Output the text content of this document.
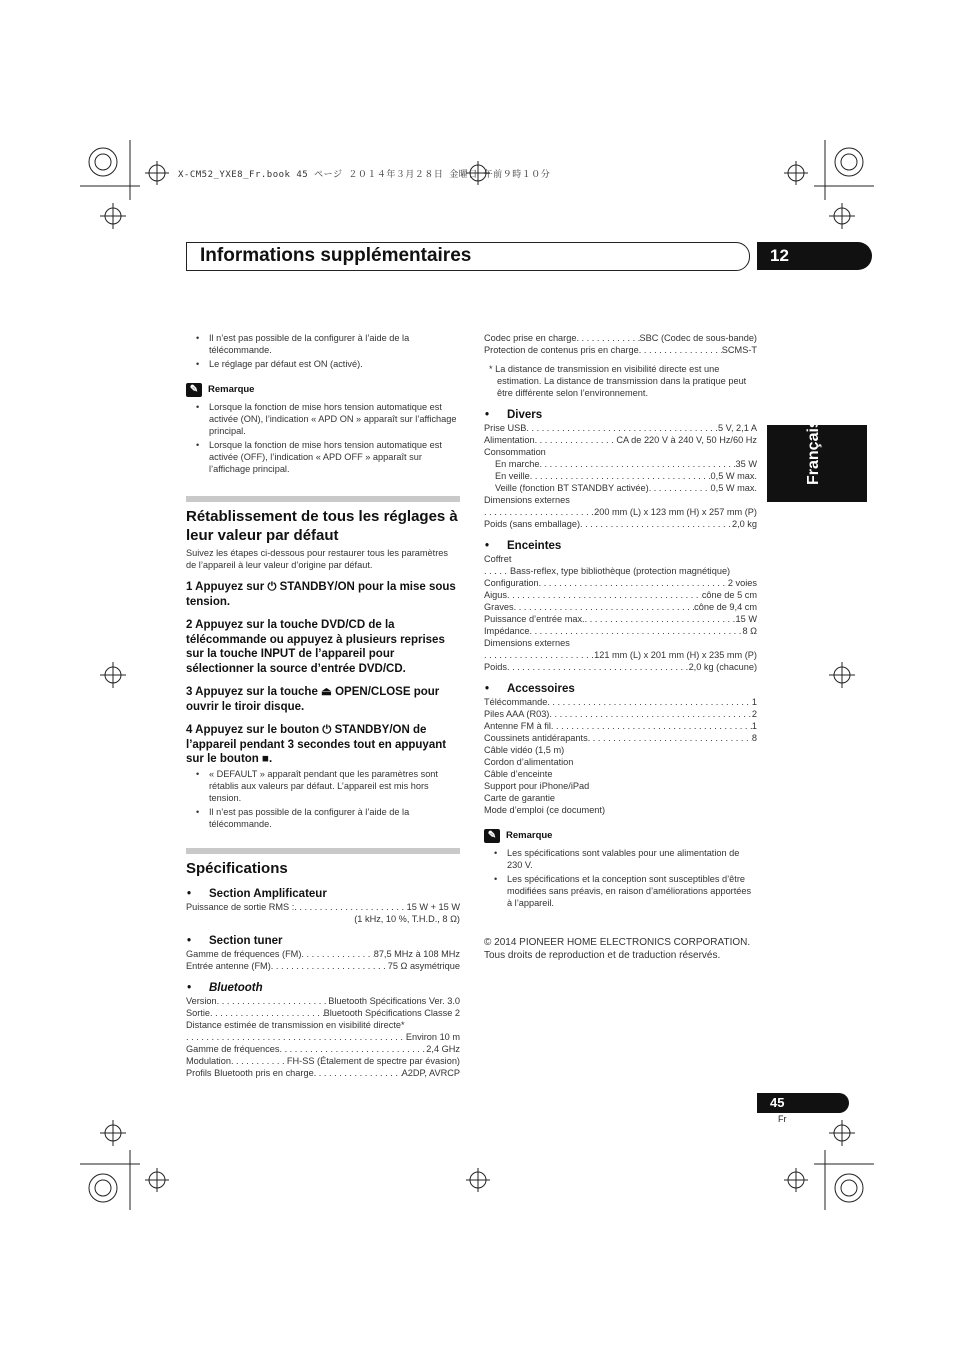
X-CM52_YXE8_Fr.book 45 ページ ２０１４年３月２８日 金曜日 午前９時１０分
Informations supplémentaires	12
Français
• Il n’est pas possible de la configurer à l’aide de la télécommande.
• Le réglage par défaut est ON (activé).
✎	Remarque
• Lorsque la fonction de mise hors tension automatique est activée (ON), l’indication « APD ON » apparaît sur l’affichage principal.
• Lorsque la fonction de mise hors tension automatique est activée (OFF), l’indication « APD OFF » apparaît sur l’affichage principal.
Rétablissement de tous les réglages à leur valeur par défaut
Suivez les étapes ci-dessous pour restaurer tous les paramètres de l’appareil à leur valeur d’origine par défaut.
1 Appuyez sur ⏻ STANDBY/ON pour la mise sous tension.
2 Appuyez sur la touche DVD/CD de la télécommande ou appuyez à plusieurs reprises sur la touche INPUT de l’appareil pour sélectionner la source d’entrée DVD/CD.
3 Appuyez sur la touche ⏏ OPEN/CLOSE pour ouvrir le tiroir disque.
4 Appuyez sur le bouton ⏻ STANDBY/ON de l’appareil pendant 3 secondes tout en appuyant sur le bouton ■.
• « DEFAULT » apparaît pendant que les paramètres sont rétablis aux valeurs par défaut. L’appareil est mis hors tension.
• Il n’est pas possible de la configurer à l’aide de la télécommande.
Spécifications
• Section Amplificateur
Puissance de sortie RMS : . . .	15 W + 15 W
(1 kHz, 10 %, T.H.D., 8 Ω)
• Section tuner
Gamme de fréquences (FM) . . .	87,5 MHz à 108 MHz
Entrée antenne (FM) . . .	75 Ω asymétrique
• Bluetooth
Version . . .	Bluetooth Spécifications Ver. 3.0
Sortie . . .	Bluetooth Spécifications Classe 2
Distance estimée de transmission en visibilité directe*
. . .
Environ 10 m
Gamme de fréquences . . .	2,4 GHz
Modulation . . .	FH-SS (Étalement de spectre par évasion)
Profils Bluetooth pris en charge . . .	A2DP, AVRCP
Codec prise en charge . . .	SBC (Codec de sous-bande)
Protection de contenus pris en charge . . .	SCMS-T
* La distance de transmission en visibilité directe est une estimation. La distance de transmission dans la pratique peut être différente selon l’environnement.
• Divers
Prise USB . . .	5 V, 2,1 A
Alimentation . . .	CA de 220 V à 240 V, 50 Hz/60 Hz
Consommation
En marche . . .	35 W
En veille . . .	0,5 W max.
Veille (fonction BT STANDBY activée) . . .	0,5 W max.
Dimensions externes
. . .
200 mm (L) x 123 mm (H) x 257 mm (P)
Poids (sans emballage) . . .	2,0 kg
• Enceintes
Coffret
. . .
Bass-reflex, type bibliothèque (protection magnétique)
Configuration . . .	2 voies
Aigus . . .	cône de 5 cm
Graves . . .	cône de 9,4 cm
Puissance d’entrée max. . . .	15 W
Impédance . . .	8 Ω
Dimensions externes
. . .
121 mm (L) x 201 mm (H) x 235 mm (P)
Poids . . .	2,0 kg (chacune)
• Accessoires
Télécommande . . .	1
Piles AAA (R03) . . .	2
Antenne FM à fil . . .	1
Coussinets antidérapants . . .	8
Câble vidéo (1,5 m)
Cordon d’alimentation
Câble d’enceinte
Support pour iPhone/iPad
Carte de garantie
Mode d’emploi (ce document)
✎	Remarque
• Les spécifications sont valables pour une alimentation de 230 V.
• Les spécifications et la conception sont susceptibles d’être modifiées sans préavis, en raison d’améliorations apportées à l’appareil.
© 2014 PIONEER HOME ELECTRONICS CORPORATION.
Tous droits de reproduction et de traduction réservés.
45
Fr
